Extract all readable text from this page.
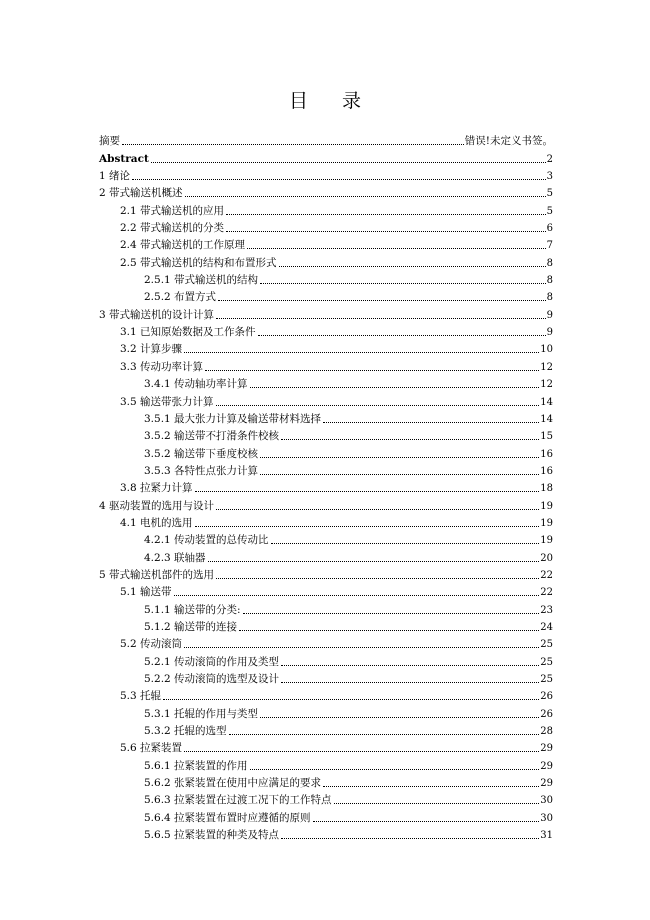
目 录
摘要	错误!未定义书签。
Abstract	2
1 绪论	3
2 带式输送机概述	5
2.1 带式输送机的应用	5
2.2 带式输送机的分类	6
2.4 带式输送机的工作原理	7
2.5 带式输送机的结构和布置形式	8
2.5.1 带式输送机的结构	8
2.5.2 布置方式	8
3 带式输送机的设计计算	9
3.1 已知原始数据及工作条件	9
3.2 计算步骤	10
3.3 传动功率计算	12
3.4.1 传动轴功率计算	12
3.5 输送带张力计算	14
3.5.1 最大张力计算及输送带材料选择	14
3.5.2 输送带不打滑条件校核	15
3.5.2 输送带下垂度校核	16
3.5.3 各特性点张力计算	16
3.8 拉紧力计算	18
4 驱动装置的选用与设计	19
4.1 电机的选用	19
4.2.1 传动装置的总传动比	19
4.2.3 联轴器	20
5 带式输送机部件的选用	22
5.1 输送带	22
5.1.1 输送带的分类:	23
5.1.2 输送带的连接	24
5.2 传动滚筒	25
5.2.1 传动滚筒的作用及类型	25
5.2.2 传动滚筒的选型及设计	25
5.3 托辊	26
5.3.1 托辊的作用与类型	26
5.3.2 托辊的选型	28
5.6 拉紧装置	29
5.6.1 拉紧装置的作用	29
5.6.2 张紧装置在使用中应满足的要求	29
5.6.3 拉紧装置在过渡工况下的工作特点	30
5.6.4 拉紧装置布置时应遵循的原则	30
5.6.5 拉紧装置的种类及特点	31
